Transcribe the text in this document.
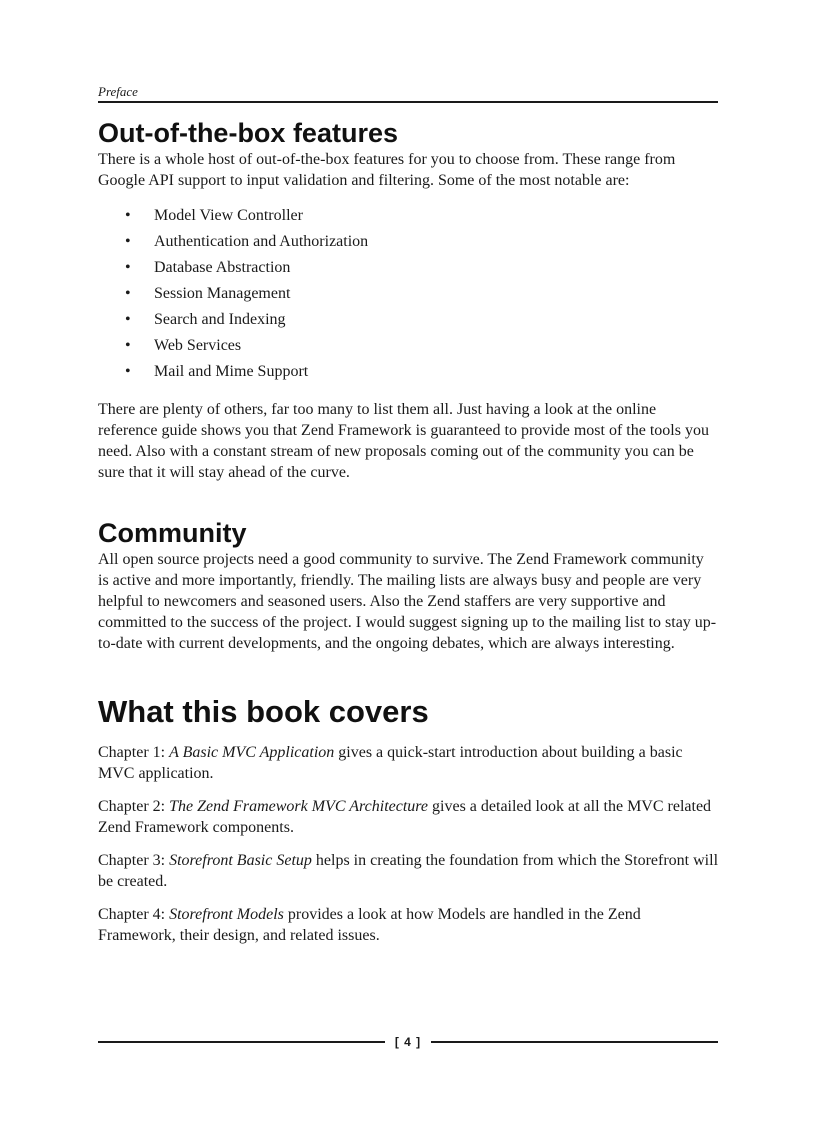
Preface
Out-of-the-box features

There is a whole host of out-of-the-box features for you to choose from. These range from Google API support to input validation and filtering. Some of the most notable are:

• Model View Controller
• Authentication and Authorization
• Database Abstraction
• Session Management
• Search and Indexing
• Web Services
• Mail and Mime Support

There are plenty of others, far too many to list them all. Just having a look at the online reference guide shows you that Zend Framework is guaranteed to provide most of the tools you need. Also with a constant stream of new proposals coming out of the community you can be sure that it will stay ahead of the curve.

Community

All open source projects need a good community to survive. The Zend Framework community is active and more importantly, friendly. The mailing lists are always busy and people are very helpful to newcomers and seasoned users. Also the Zend staffers are very supportive and committed to the success of the project. I would suggest signing up to the mailing list to stay up-to-date with current developments, and the ongoing debates, which are always interesting.

What this book covers

Chapter 1: A Basic MVC Application gives a quick-start introduction about building a basic MVC application.

Chapter 2: The Zend Framework MVC Architecture gives a detailed look at all the MVC related Zend Framework components.

Chapter 3: Storefront Basic Setup helps in creating the foundation from which the Storefront will be created.

Chapter 4: Storefront Models provides a look at how Models are handled in the Zend Framework, their design, and related issues.

[ 4 ]
